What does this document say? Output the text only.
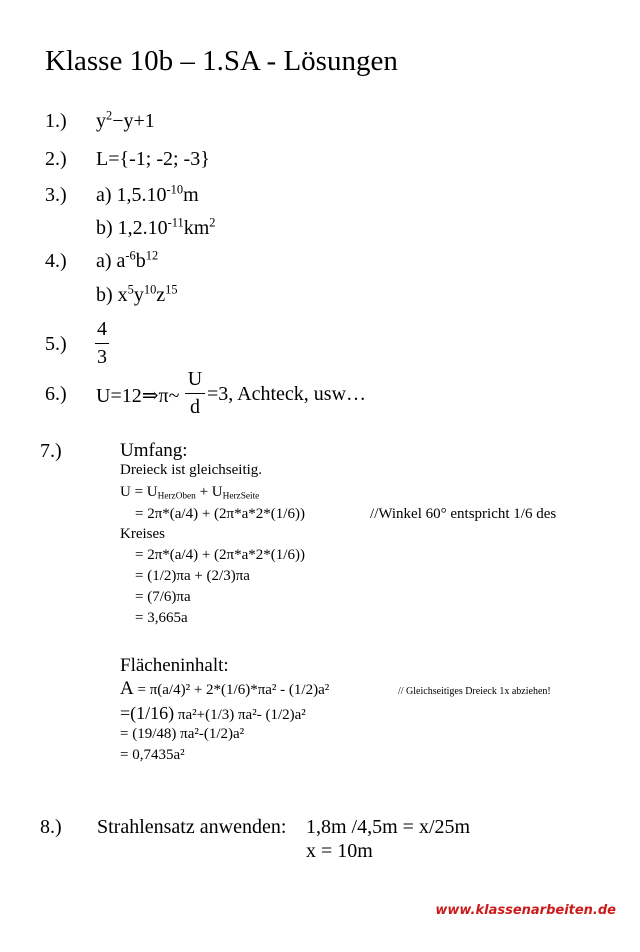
Klasse 10b – 1.SA - Lösungen
1.) $y^2-y+1$
2.) L={-1; -2; -3}
3.) a) $1,5.10^{-10}m$
b) $1,2.10^{-11}km^2$
4.) a) $a^{-6}b^{12}$
b) $x^5y^{10}z^{15}$
5.)
4
3
6.) U=12⇒π~
U
d
=3, Achteck, usw…
7.)	Umfang:
Dreieck ist gleichseitig.
$U = U_{HerzOben} + U_{HerzSeite}$
= 2π*(a/4) + (2π*a*2*(1/6))	//Winkel 60° entspricht 1/6 des
Kreises
= 2π*(a/4) + (2π*a*2*(1/6))
= (1/2)πa + (2/3)πa
= (7/6)πa
= 3,665a
Flächeninhalt:
A = π(a/4)² + 2*(1/6)*πa² - (1/2)a²	// Gleichseitiges Dreieck 1x abziehen!
=(1/16) πa²+(1/3) πa²- (1/2)a²
= (19/48) πa²-(1/2)a²
= 0,7435a²
8.) Strahlensatz anwenden: 1,8m /4,5m = x/25m
x = 10m
www.klassenarbeiten.de
